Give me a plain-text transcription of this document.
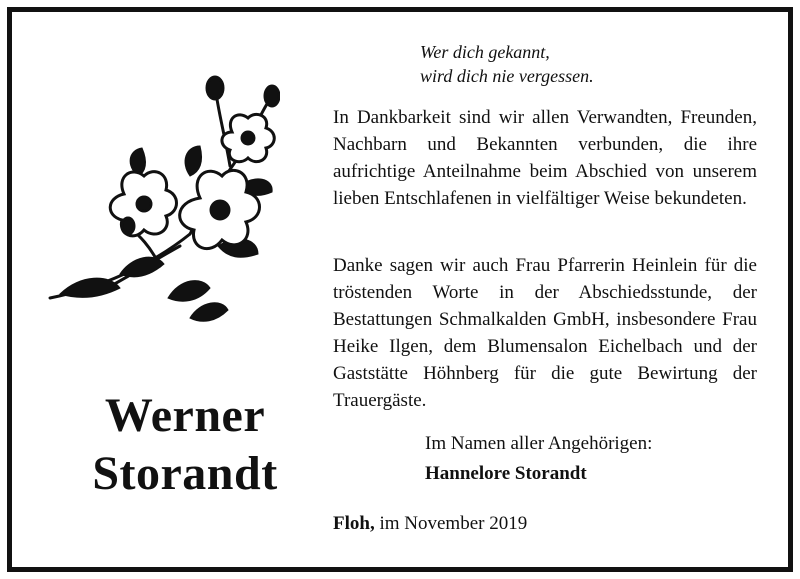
Werner
Storandt
Wer dich gekannt,
wird dich nie vergessen.

In Dankbarkeit sind wir allen Verwandten, Freunden, Nachbarn und Bekannten verbunden, die ihre aufrichtige Anteilnahme beim Abschied von unserem lieben Entschlafenen in vielfältiger Weise bekundeten.

Danke sagen wir auch Frau Pfarrerin Heinlein für die tröstenden Worte in der Abschiedsstunde, der Bestattungen Schmalkalden GmbH, insbesondere Frau Heike Ilgen, dem Blumensalon Eichelbach und der Gaststätte Höhnberg für die gute Bewirtung der Trauergäste.

Im Namen aller Angehörigen:
Hannelore Storandt
Floh, im November 2019
